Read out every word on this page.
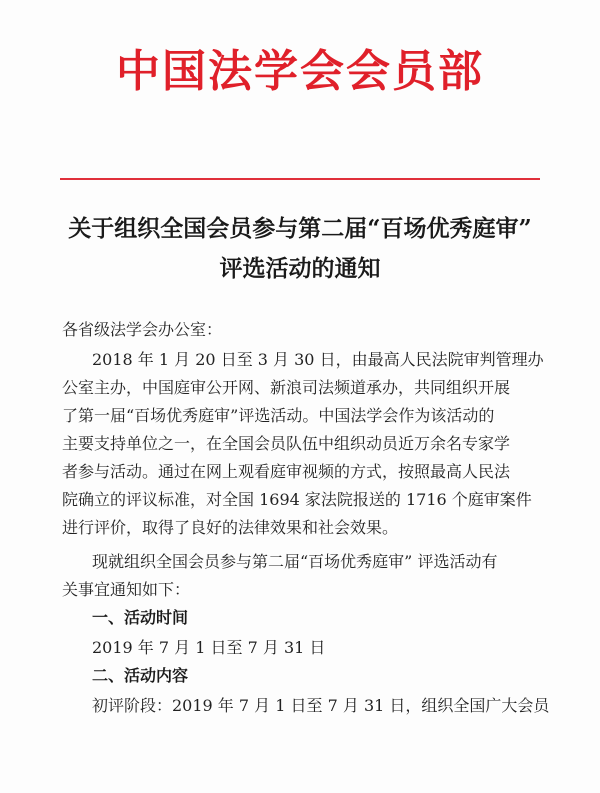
中国法学会会员部
关于组织全国会员参与第二届“百场优秀庭审”
评选活动的通知
各省级法学会办公室：
2018 年 1 月 20 日至 3 月 30 日，由最高人民法院审判管理办
公室主办，中国庭审公开网、新浪司法频道承办，共同组织开展
了第一届“百场优秀庭审”评选活动。中国法学会作为该活动的
主要支持单位之一，在全国会员队伍中组织动员近万余名专家学
者参与活动。通过在网上观看庭审视频的方式，按照最高人民法
院确立的评议标准，对全国 1694 家法院报送的 1716 个庭审案件
进行评价，取得了良好的法律效果和社会效果。
现就组织全国会员参与第二届“百场优秀庭审” 评选活动有
关事宜通知如下：
一、活动时间
2019 年 7 月 1 日至 7 月 31 日
二、活动内容
初评阶段：2019 年 7 月 1 日至 7 月 31 日，组织全国广大会员
